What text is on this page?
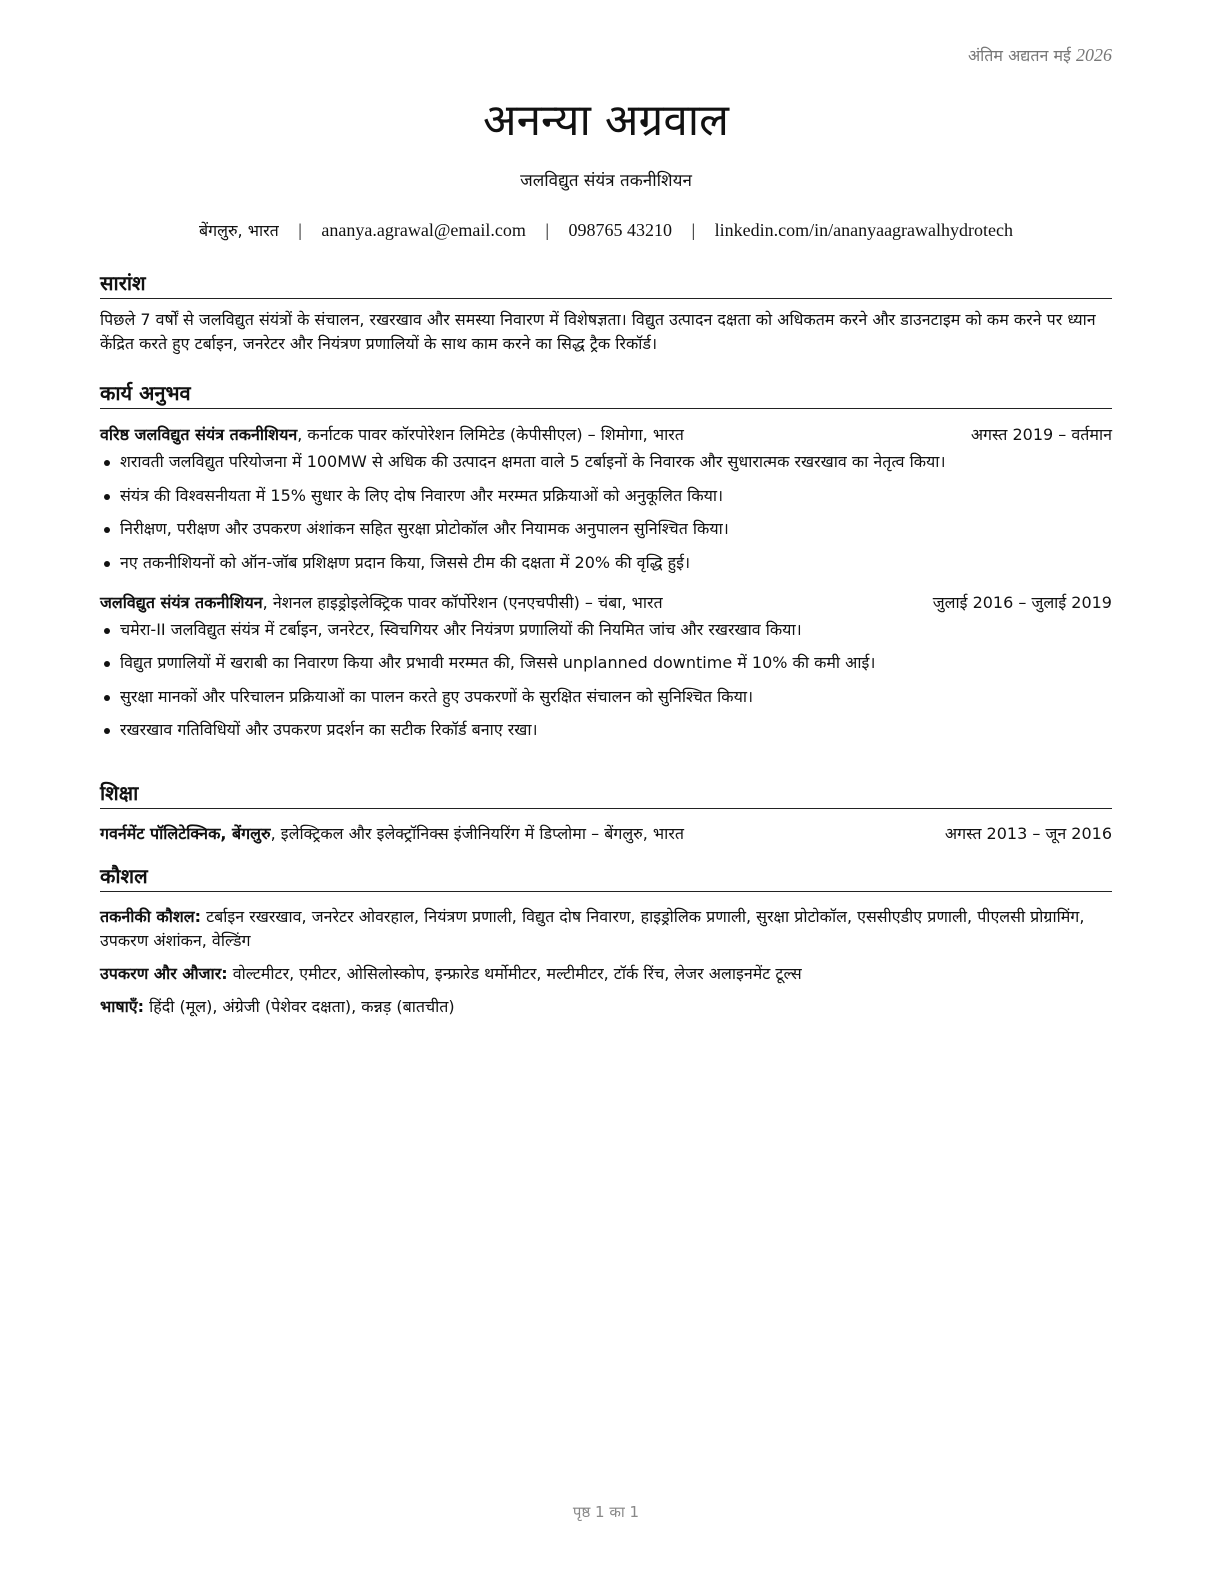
अंतिम अद्यतन मई 2026
अनन्या अग्रवाल
जलविद्युत संयंत्र तकनीशियन
बेंगलुरु, भारत | ananya.agrawal@email.com | 098765 43210 | linkedin.com/in/ananyaagrawalhydrotech
सारांश
पिछले 7 वर्षों से जलविद्युत संयंत्रों के संचालन, रखरखाव और समस्या निवारण में विशेषज्ञता। विद्युत उत्पादन दक्षता को अधिकतम करने और डाउनटाइम को कम करने पर ध्यान केंद्रित करते हुए टर्बाइन, जनरेटर और नियंत्रण प्रणालियों के साथ काम करने का सिद्ध ट्रैक रिकॉर्ड।
कार्य अनुभव
वरिष्ठ जलविद्युत संयंत्र तकनीशियन, कर्नाटक पावर कॉरपोरेशन लिमिटेड (केपीसीएल) – शिमोगा, भारत	अगस्त 2019 – वर्तमान
शरावती जलविद्युत परियोजना में 100MW से अधिक की उत्पादन क्षमता वाले 5 टर्बाइनों के निवारक और सुधारात्मक रखरखाव का नेतृत्व किया।
संयंत्र की विश्वसनीयता में 15% सुधार के लिए दोष निवारण और मरम्मत प्रक्रियाओं को अनुकूलित किया।
निरीक्षण, परीक्षण और उपकरण अंशांकन सहित सुरक्षा प्रोटोकॉल और नियामक अनुपालन सुनिश्चित किया।
नए तकनीशियनों को ऑन-जॉब प्रशिक्षण प्रदान किया, जिससे टीम की दक्षता में 20% की वृद्धि हुई।
जलविद्युत संयंत्र तकनीशियन, नेशनल हाइड्रोइलेक्ट्रिक पावर कॉर्पोरेशन (एनएचपीसी) – चंबा, भारत	जुलाई 2016 – जुलाई 2019
चमेरा-II जलविद्युत संयंत्र में टर्बाइन, जनरेटर, स्विचगियर और नियंत्रण प्रणालियों की नियमित जांच और रखरखाव किया।
विद्युत प्रणालियों में खराबी का निवारण किया और प्रभावी मरम्मत की, जिससे unplanned downtime में 10% की कमी आई।
सुरक्षा मानकों और परिचालन प्रक्रियाओं का पालन करते हुए उपकरणों के सुरक्षित संचालन को सुनिश्चित किया।
रखरखाव गतिविधियों और उपकरण प्रदर्शन का सटीक रिकॉर्ड बनाए रखा।
शिक्षा
गवर्नमेंट पॉलिटेक्निक, बेंगलुरु, इलेक्ट्रिकल और इलेक्ट्रॉनिक्स इंजीनियरिंग में डिप्लोमा – बेंगलुरु, भारत	अगस्त 2013 – जून 2016
कौशल
तकनीकी कौशल: टर्बाइन रखरखाव, जनरेटर ओवरहाल, नियंत्रण प्रणाली, विद्युत दोष निवारण, हाइड्रोलिक प्रणाली, सुरक्षा प्रोटोकॉल, एससीएडीए प्रणाली, पीएलसी प्रोग्रामिंग, उपकरण अंशांकन, वेल्डिंग
उपकरण और औजार: वोल्टमीटर, एमीटर, ओसिलोस्कोप, इन्फ्रारेड थर्मोमीटर, मल्टीमीटर, टॉर्क रिंच, लेजर अलाइनमेंट टूल्स
भाषाएँ: हिंदी (मूल), अंग्रेजी (पेशेवर दक्षता), कन्नड़ (बातचीत)
पृष्ठ 1 का 1
